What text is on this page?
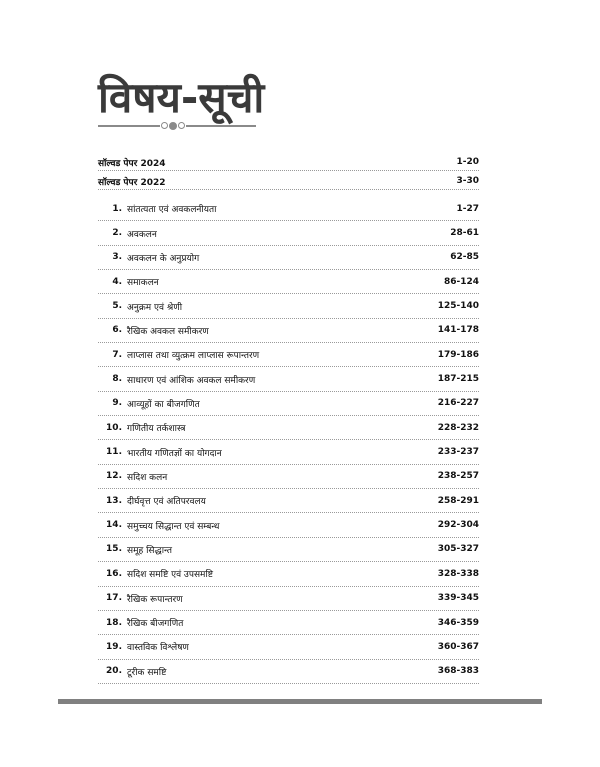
विषय-सूची
सॉल्वड पेपर 2024	1-20
सॉल्वड पेपर 2022	3-30
1. सांतत्यता एवं अवकलनीयता	1-27
2. अवकलन	28-61
3. अवकलन के अनुप्रयोग	62-85
4. समाकलन	86-124
5. अनुक्रम एवं श्रेणी	125-140
6. रैखिक अवकल समीकरण	141-178
7. लाप्लास तथा व्युत्क्रम लाप्लास रूपान्तरण	179-186
8. साधारण एवं आंशिक अवकल समीकरण	187-215
9. आव्यूहों का बीजगणित	216-227
10. गणितीय तर्कशास्त्र	228-232
11. भारतीय गणितज्ञों का योगदान	233-237
12. सदिश कलन	238-257
13. दीर्घवृत्त एवं अतिपरवलय	258-291
14. समुच्चय सिद्धान्त एवं सम्बन्ध	292-304
15. समूह सिद्धान्त	305-327
16. सदिश समष्टि एवं उपसमष्टि	328-338
17. रैखिक रूपान्तरण	339-345
18. रैखिक बीजगणित	346-359
19. वास्तविक विश्लेषण	360-367
20. टूरीक समष्टि	368-383
